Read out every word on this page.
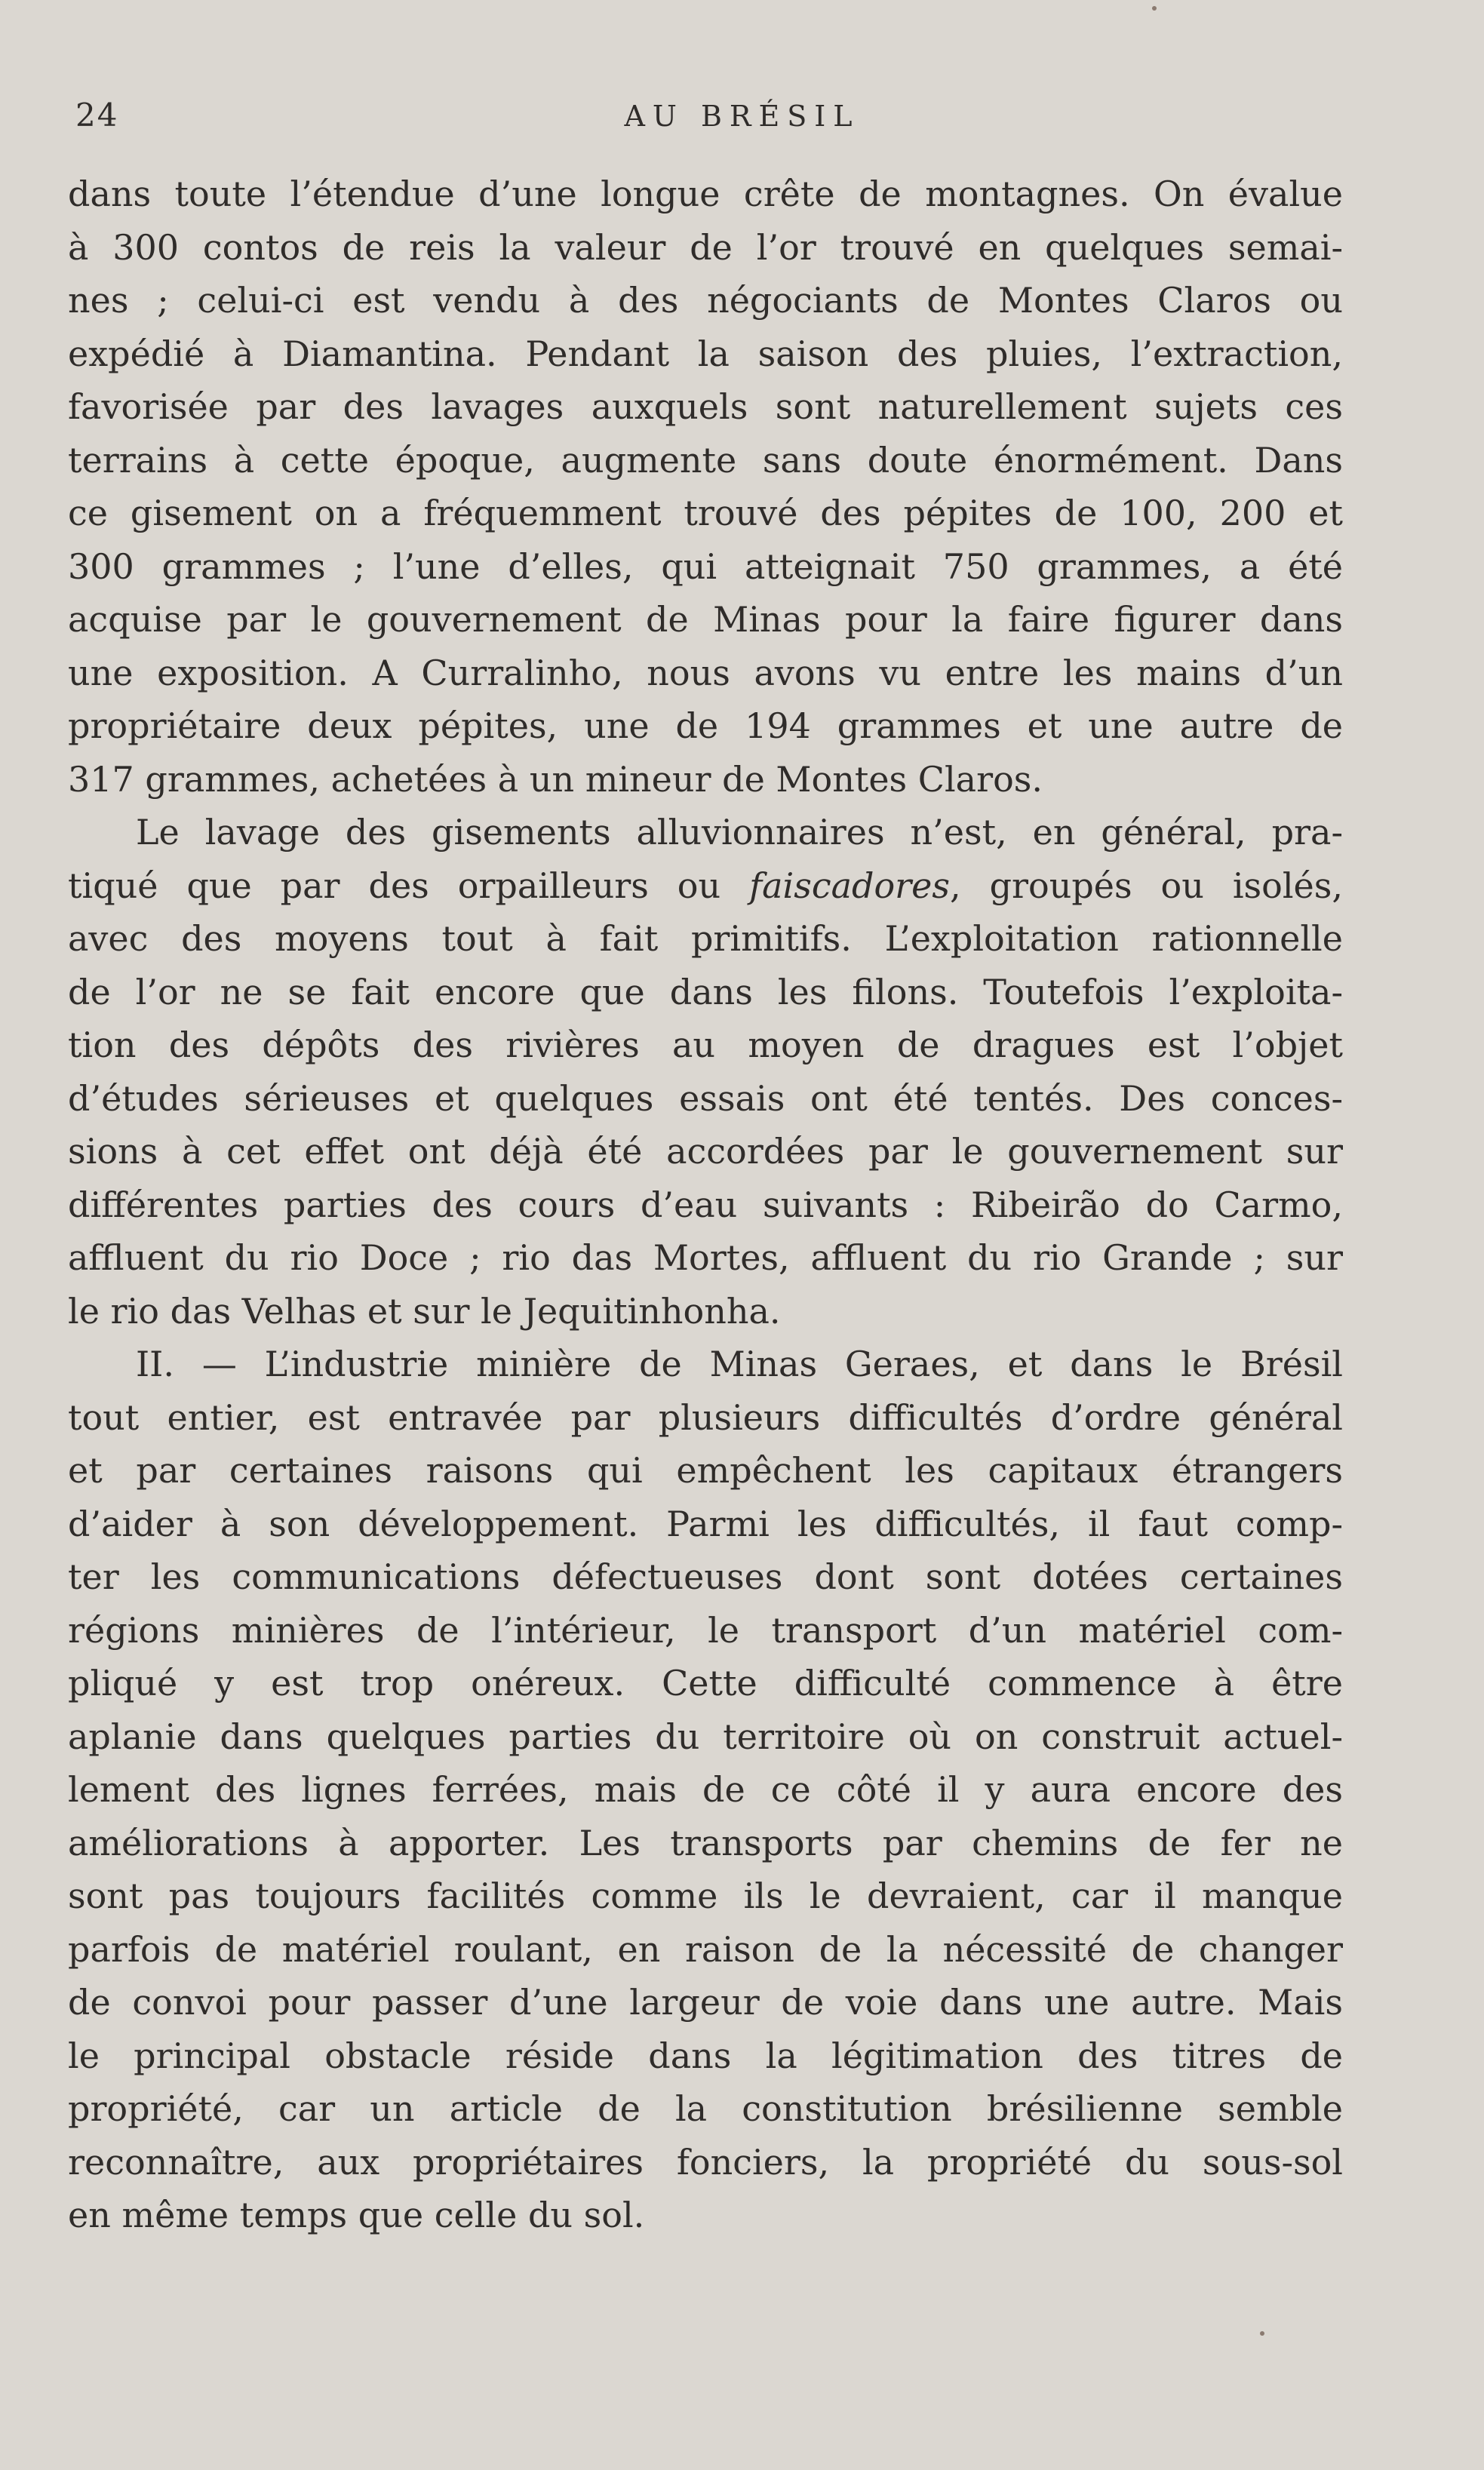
24	AU BRÉSIL
dans toute l’étendue d’une longue crête de montagnes. On évalue
à 300 contos de reis la valeur de l’or trouvé en quelques semai-
nes ; celui-ci est vendu à des négociants de Montes Claros ou
expédié à Diamantina. Pendant la saison des pluies, l’extraction,
favorisée par des lavages auxquels sont naturellement sujets ces
terrains à cette époque, augmente sans doute énormément. Dans
ce gisement on a fréquemment trouvé des pépites de 100, 200 et
300 grammes ; l’une d’elles, qui atteignait 750 grammes, a été
acquise par le gouvernement de Minas pour la faire figurer dans
une exposition. A Curralinho, nous avons vu entre les mains d’un
propriétaire deux pépites, une de 194 grammes et une autre de
317 grammes, achetées à un mineur de Montes Claros.
Le lavage des gisements alluvionnaires n’est, en général, pra-
tiqué que par des orpailleurs ou faiscadores, groupés ou isolés,
avec des moyens tout à fait primitifs. L’exploitation rationnelle
de l’or ne se fait encore que dans les filons. Toutefois l’exploita-
tion des dépôts des rivières au moyen de dragues est l’objet
d’études sérieuses et quelques essais ont été tentés. Des conces-
sions à cet effet ont déjà été accordées par le gouvernement sur
différentes parties des cours d’eau suivants : Ribeirão do Carmo,
affluent du rio Doce ; rio das Mortes, affluent du rio Grande ; sur
le rio das Velhas et sur le Jequitinhonha.
II. — L’industrie minière de Minas Geraes, et dans le Brésil
tout entier, est entravée par plusieurs difficultés d’ordre général
et par certaines raisons qui empêchent les capitaux étrangers
d’aider à son développement. Parmi les difficultés, il faut comp-
ter les communications défectueuses dont sont dotées certaines
régions minières de l’intérieur, le transport d’un matériel com-
pliqué y est trop onéreux. Cette difficulté commence à être
aplanie dans quelques parties du territoire où on construit actuel-
lement des lignes ferrées, mais de ce côté il y aura encore des
améliorations à apporter. Les transports par chemins de fer ne
sont pas toujours facilités comme ils le devraient, car il manque
parfois de matériel roulant, en raison de la nécessité de changer
de convoi pour passer d’une largeur de voie dans une autre. Mais
le principal obstacle réside dans la légitimation des titres de
propriété, car un article de la constitution brésilienne semble
reconnaître, aux propriétaires fonciers, la propriété du sous-sol
en même temps que celle du sol.
